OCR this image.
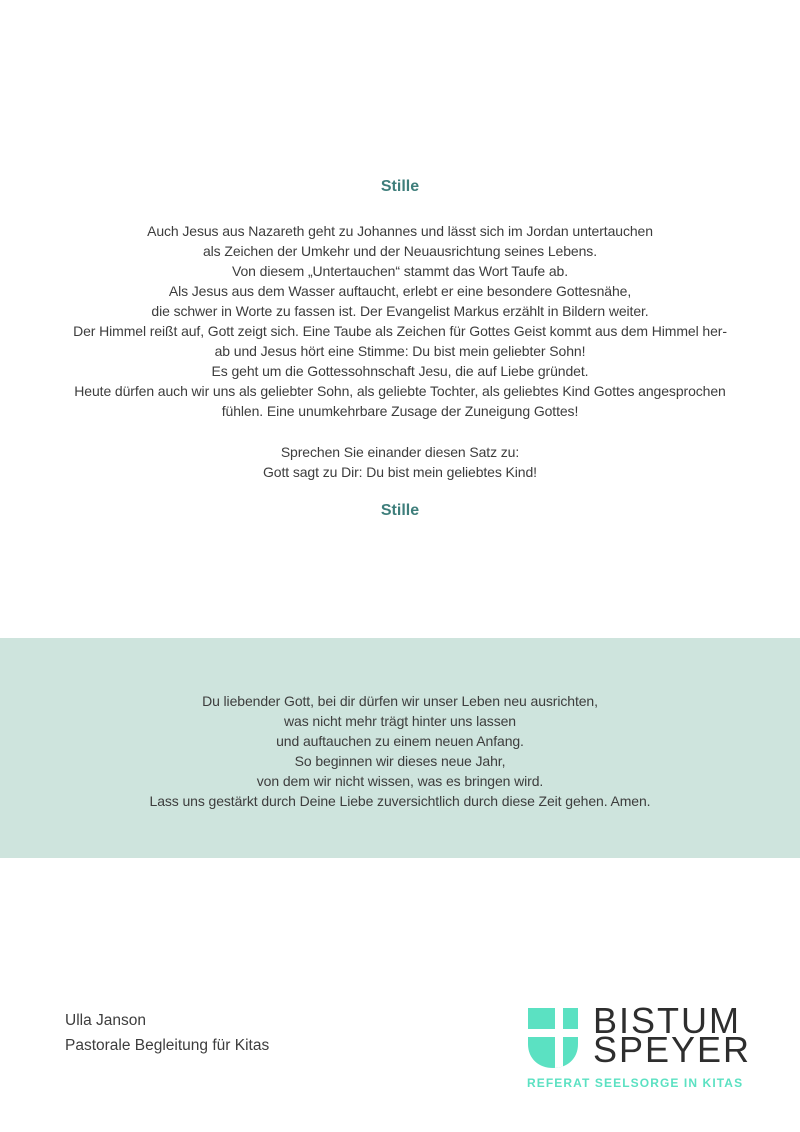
Stille
Auch Jesus aus Nazareth geht zu Johannes und lässt sich im Jordan untertauchen
als Zeichen der Umkehr und der Neuausrichtung seines Lebens.
Von diesem „Untertauchen“ stammt das Wort Taufe ab.
Als Jesus aus dem Wasser auftaucht, erlebt er eine besondere Gottesnähe,
die schwer in Worte zu fassen ist. Der Evangelist Markus erzählt in Bildern weiter.
Der Himmel reißt auf, Gott zeigt sich. Eine Taube als Zeichen für Gottes Geist kommt aus dem Himmel her-
ab und Jesus hört eine Stimme: Du bist mein geliebter Sohn!
Es geht um die Gottessohnschaft Jesu, die auf Liebe gründet.
Heute dürfen auch wir uns als geliebter Sohn, als geliebte Tochter, als geliebtes Kind Gottes angesprochen
fühlen. Eine unumkehrbare Zusage der Zuneigung Gottes!
Sprechen Sie einander diesen Satz zu:
Gott sagt zu Dir: Du bist mein geliebtes Kind!
Stille
Du liebender Gott, bei dir dürfen wir unser Leben neu ausrichten,
was nicht mehr trägt hinter uns lassen
und auftauchen zu einem neuen Anfang.
So beginnen wir dieses neue Jahr,
von dem wir nicht wissen, was es bringen wird.
Lass uns gestärkt durch Deine Liebe zuversichtlich durch diese Zeit gehen. Amen.
Ulla Janson
Pastorale Begleitung für Kitas
BISTUM
SPEYER
REFERAT SEELSORGE IN KITAS
